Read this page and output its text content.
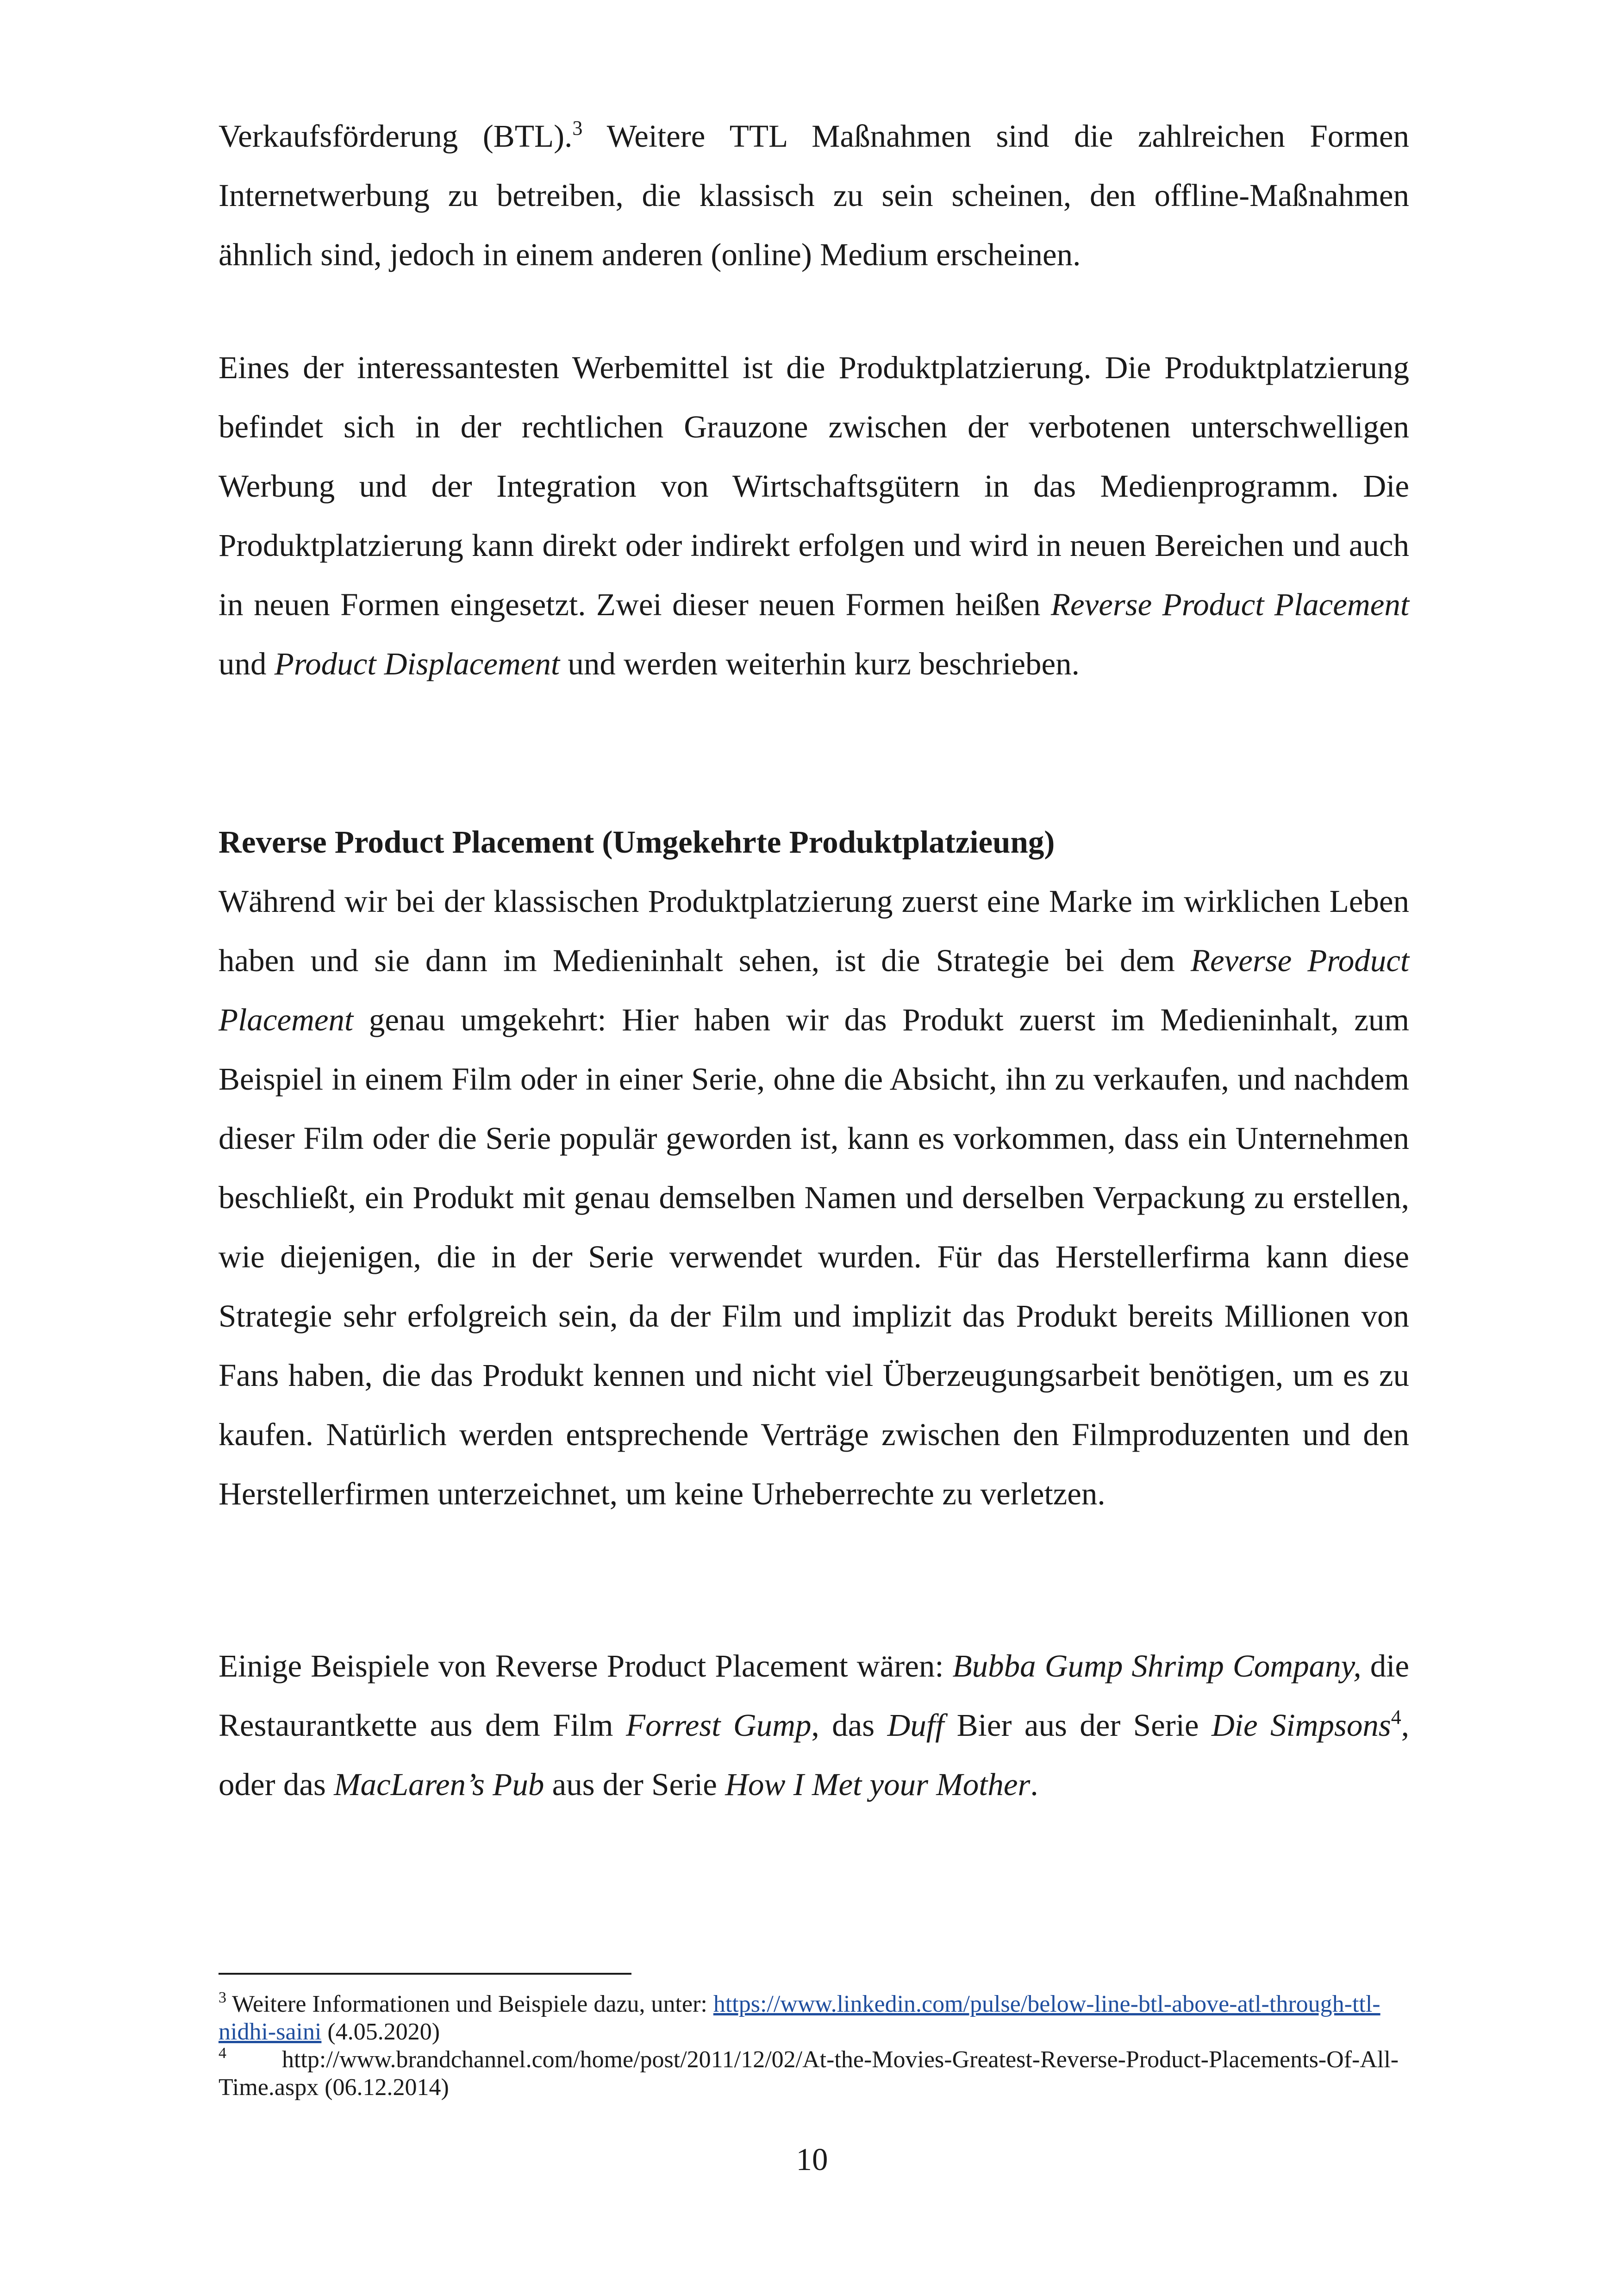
Verkaufsförderung (BTL).$^3$ Weitere TTL Maßnahmen sind die zahlreichen Formen Internetwerbung zu betreiben, die klassisch zu sein scheinen, den offline-Maßnahmen ähnlich sind, jedoch in einem anderen (online) Medium erscheinen.

Eines der interessantesten Werbemittel ist die Produktplatzierung. Die Produktplatzierung befindet sich in der rechtlichen Grauzone zwischen der verbotenen unterschwelligen Werbung und der Integration von Wirtschaftsgütern in das Medienprogramm. Die Produktplatzierung kann direkt oder indirekt erfolgen und wird in neuen Bereichen und auch in neuen Formen eingesetzt. Zwei dieser neuen Formen heißen Reverse Product Placement und Product Displacement und werden weiterhin kurz beschrieben.

Reverse Product Placement (Umgekehrte Produktplatzieung)

Während wir bei der klassischen Produktplatzierung zuerst eine Marke im wirklichen Leben haben und sie dann im Medieninhalt sehen, ist die Strategie bei dem Reverse Product Placement genau umgekehrt: Hier haben wir das Produkt zuerst im Medieninhalt, zum Beispiel in einem Film oder in einer Serie, ohne die Absicht, ihn zu verkaufen, und nachdem dieser Film oder die Serie populär geworden ist, kann es vorkommen, dass ein Unternehmen beschließt, ein Produkt mit genau demselben Namen und derselben Verpackung zu erstellen, wie diejenigen, die in der Serie verwendet wurden. Für das Herstellerfirma kann diese Strategie sehr erfolgreich sein, da der Film und implizit das Produkt bereits Millionen von Fans haben, die das Produkt kennen und nicht viel Überzeugungsarbeit benötigen, um es zu kaufen. Natürlich werden entsprechende Verträge zwischen den Filmproduzenten und den Herstellerfirmen unterzeichnet, um keine Urheberrechte zu verletzen.

Einige Beispiele von Reverse Product Placement wären: Bubba Gump Shrimp Company, die Restaurantkette aus dem Film Forrest Gump, das Duff Bier aus der Serie Die Simpsons$^4$, oder das MacLaren’s Pub aus der Serie How I Met your Mother.

$^3$ Weitere Informationen und Beispiele dazu, unter: https://www.linkedin.com/pulse/below-line-btl-above-atl-through-ttl-nidhi-saini (4.05.2020)

$^4$ http://www.brandchannel.com/home/post/2011/12/02/At-the-Movies-Greatest-Reverse-Product-Placements-Of-All-Time.aspx (06.12.2014)

10
